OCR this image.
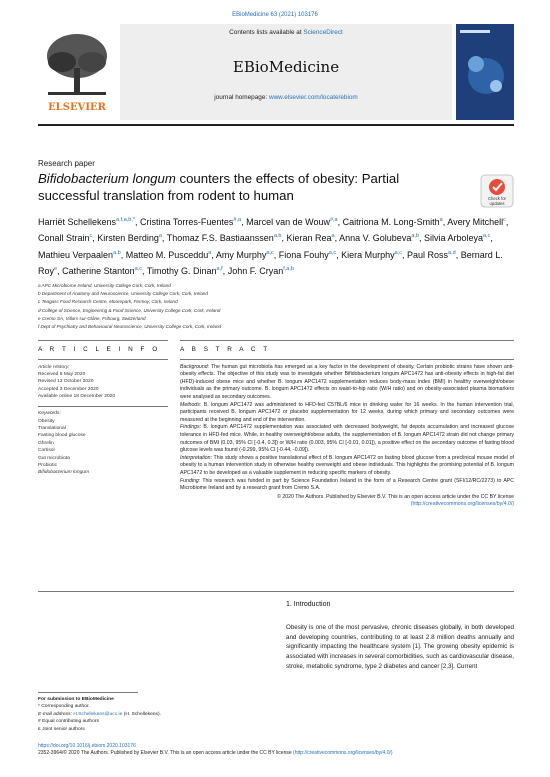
EBioMedicine 63 (2021) 103176
ELSEVIER
Contents lists available at ScienceDirect
EBioMedicine
journal homepage: www.elsevier.com/locate/ebiom
Research paper
Bifidobacterium longum counters the effects of obesity: Partial successful translation from rodent to human	Check for
updates
Harriët Schellekens$^{a,f,a,b,*}$, Cristina Torres-Fuentes$^{\#,a}$, Marcel van de Wouw$^{\#,a}$, Caitriona M. Long-Smith$^a$, Avery Mitchell$^c$, Conall Strain$^c$, Kirsten Berding$^a$, Thomaz F.S. Bastiaanssen$^{a,b}$, Kieran Rea$^a$, Anna V. Golubeva$^{a,b}$, Silvia Arboleya$^{a,c}$, Mathieu Verpaalen$^{a,b}$, Matteo M. Pusceddu$^a$, Amy Murphy$^{a,c}$, Fiona Fouhy$^{a,c}$, Kiera Murphy$^{a,c}$, Paul Ross$^{a,d}$, Bernard L. Roy$^e$, Catherine Stanton$^{a,c}$, Timothy G. Dinan$^{a,f}$, John F. Cryan$^{f,a,b}$
a APC Microbiome Ireland, University College Cork, Cork, Ireland
b Department of Anatomy and Neuroscience, University College Cork, Cork, Ireland
c Teagasc Food Research Centre, Moorepark, Fermoy, Cork, Ireland
d College of Science, Engineering & Food Science, University College Cork, Cork, Ireland
e Cremo SA, Villars-sur-Glâne, Fribourg, Switzerland
f Dept of Psychiatry and Behavioural Neuroscience, University College Cork, Cork, Ireland
A R T I C L E I N F O
Article History:
Received 6 May 2020
Revised 13 October 2020
Accepted 3 December 2020
Available online 18 December 2020
Keywords:
Obesity
Translational
Fasting blood glucose
Ghrelin
Cortisol
Gut microbiota
Probiotic
Bifidobacterium longum
A B S T R A C T
Background: The human gut microbiota has emerged as a key factor in the development of obesity. Certain probiotic strains have shown anti-obesity effects. The objective of this study was to investigate whether Bifidobacterium longum APC1472 has anti-obesity effects in high-fat diet (HFD)-induced obese mice and whether B. longum APC1472 supplementation reduces body-mass index (BMI) in healthy overweight/obese individuals as the primary outcome. B. longum APC1472 effects on waist-to-hip ratio (W/H ratio) and on obesity-associated plasma biomarkers were analysed as secondary outcomes.
Methods: B. longum APC1472 was administered to HFD-fed C57BL/6 mice in drinking water for 16 weeks. In the human intervention trial, participants received B. longum APC1472 or placebo supplementation for 12 weeks, during which primary and secondary outcomes were measured at the beginning and end of the intervention.
Findings: B. longum APC1472 supplementation was associated with decreased bodyweight, fat depots accumulation and increased glucose tolerance in HFD-fed mice. While, in healthy overweight/obese adults, the supplementation of B. longum APC1472 strain did not change primary outcomes of BMI (0.03, 95% CI [-0.4, 0.3]) or W/H ratio (0.003, 95% CI [-0.01, 0.01]), a positive effect on the secondary outcome of fasting blood glucose levels was found (-0.299, 95% CI [-0.44, -0.09]).
Interpretation: This study shows a positive translational effect of B. longum APC1472 on fasting blood glucose from a preclinical mouse model of obesity to a human intervention study in otherwise healthy overweight and obese individuals. This highlights the promising potential of B. longum APC1472 to be developed as a valuable supplement in reducing specific markers of obesity.
Funding: This research was funded in part by Science Foundation Ireland in the form of a Research Centre grant (SFI/12/RC/2273) to APC Microbiome Ireland and by a research grant from Cremo S.A.
© 2020 The Authors. Published by Elsevier B.V. This is an open access article under the CC BY license
(http://creativecommons.org/licenses/by/4.0/)
1. Introduction
Obesity is one of the most pervasive, chronic diseases globally, in both developed and developing countries, contributing to at least 2.8 million deaths annually and significantly impacting the healthcare system [1]. The growing obesity epidemic is associated with increases in several comorbidities, such as cardiovascular disease, stroke, metabolic syndrome, type 2 diabetes and cancer [2,3]. Current
For submission to EBioMedicine
* Corresponding author.
E-mail address: H.Schellekens@ucc.ie (H. Schellekens).
# Equal contributing authors
£ Joint senior authors
https://doi.org/10.1016/j.ebiom.2020.103176
2352-3964/© 2020 The Authors. Published by Elsevier B.V. This is an open access article under the CC BY license (http://creativecommons.org/licenses/by/4.0/)
